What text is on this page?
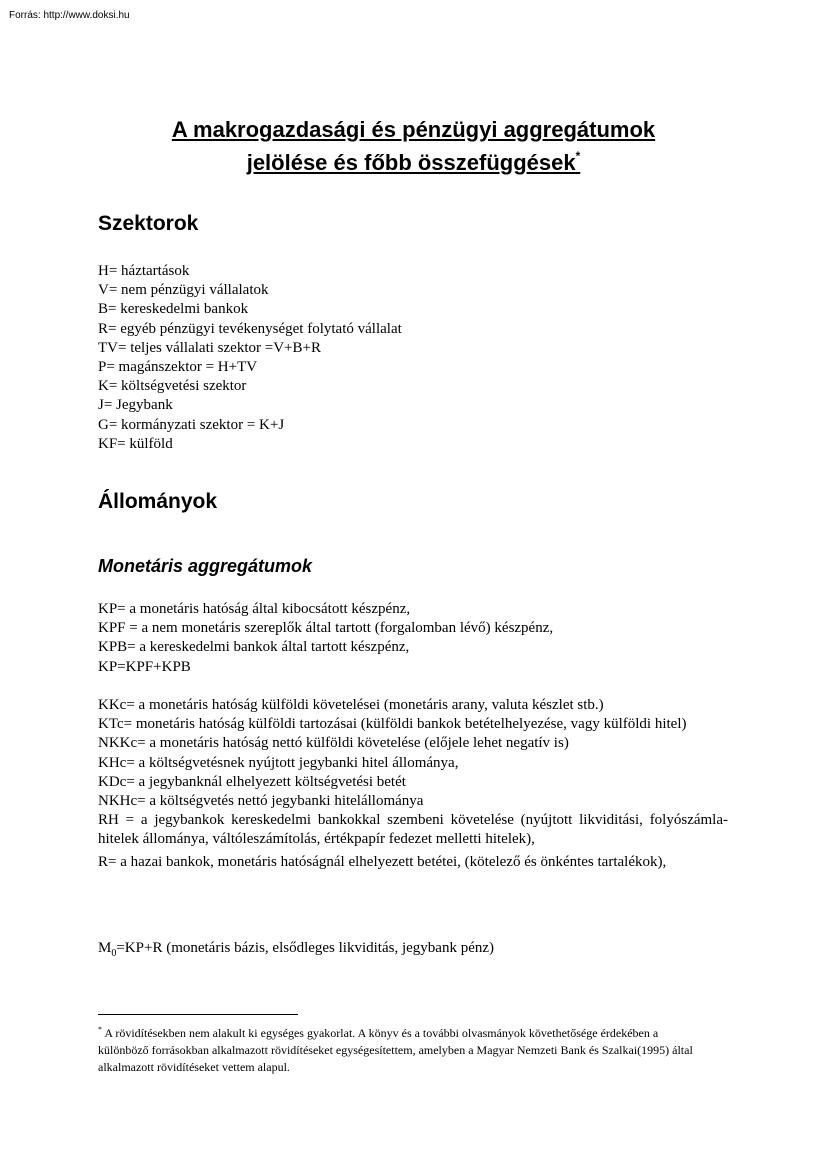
Forrás: http://www.doksi.hu
A makrogazdasági és pénzügyi aggregátumok
jelölése és főbb összefüggések*
Szektorok
H= háztartások
V= nem pénzügyi vállalatok
B= kereskedelmi bankok
R= egyéb pénzügyi tevékenységet folytató vállalat
TV= teljes vállalati szektor =V+B+R
P= magánszektor = H+TV
K= költségvetési szektor
J= Jegybank
G= kormányzati szektor = K+J
KF= külföld
Állományok
Monetáris aggregátumok
KP= a monetáris hatóság által kibocsátott készpénz,
KPF = a nem monetáris szereplők által tartott (forgalomban lévő) készpénz,
KPB= a kereskedelmi bankok által tartott készpénz,
KP=KPF+KPB
KKc= a monetáris hatóság külföldi követelései (monetáris arany, valuta készlet stb.)
KTc= monetáris hatóság külföldi tartozásai (külföldi bankok betételhelyezése, vagy külföldi hitel)
NKKc= a monetáris hatóság nettó külföldi követelése (előjele lehet negatív is)
KHc= a költségvetésnek nyújtott jegybanki hitel állománya,
KDc= a jegybanknál elhelyezett költségvetési betét
NKHc= a költségvetés nettó jegybanki hitelállománya
RH = a jegybankok kereskedelmi bankokkal szembeni követelése (nyújtott likviditási, folyószámla-hitelek állománya, váltóleszámítolás, értékpapír fedezet melletti hitelek),
R= a hazai bankok, monetáris hatóságnál elhelyezett betétei, (kötelező és önkéntes tartalékok),
$M_0=KP+R$ (monetáris bázis, elsődleges likviditás, jegybank pénz)
* A rövidítésekben nem alakult ki egységes gyakorlat. A könyv és a további olvasmányok követhetősége érdekében a különböző forrásokban alkalmazott rövidítéseket egységesítettem, amelyben a Magyar Nemzeti Bank és Szalkai(1995) által alkalmazott rövidítéseket vettem alapul.
